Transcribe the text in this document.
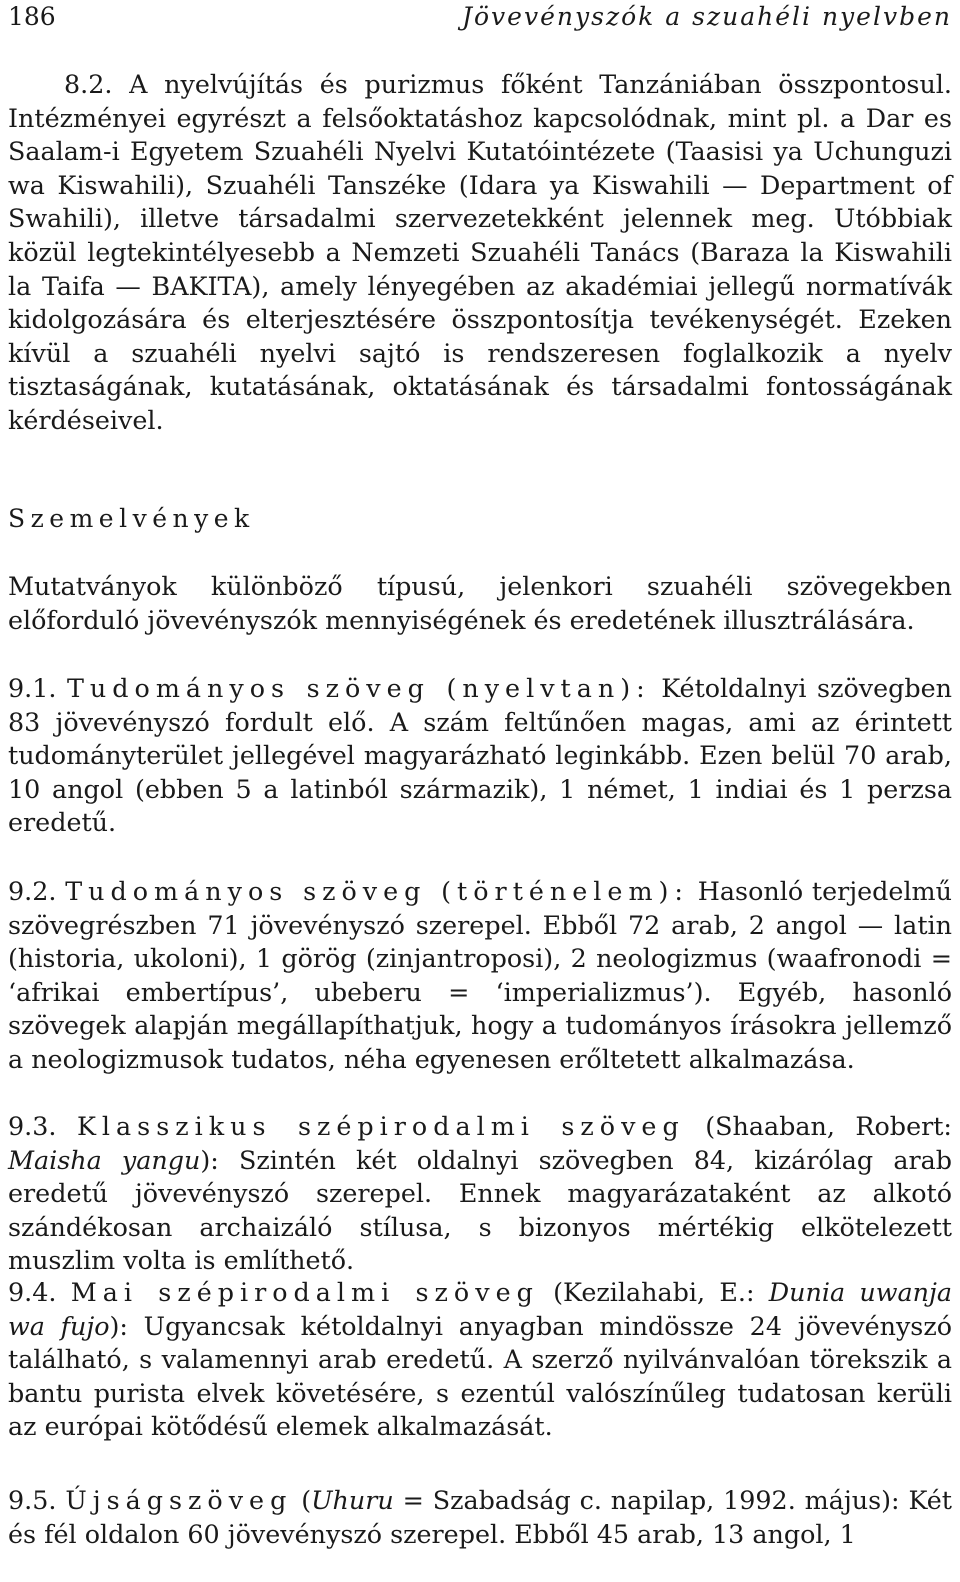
186	Jövevényszók a szuahéli nyelvben

8.2. A nyelvújítás és purizmus főként Tanzániában összpontosul. Intézményei egyrészt a felsőoktatáshoz kapcsolódnak, mint pl. a Dar es Saalam-i Egyetem Szuahéli Nyelvi Kutatóintézete (Taasisi ya Uchunguzi wa Kiswahili), Szuahéli Tanszéke (Idara ya Kiswahili — Department of Swahili), illetve társadalmi szervezetekként jelennek meg. Utóbbiak közül legtekintélyesebb a Nemzeti Szuahéli Tanács (Baraza la Kiswahili la Taifa — BAKITA), amely lényegében az akadémiai jellegű normatívák kidolgozására és elterjesztésére összpontosítja tevékenységét. Ezeken kívül a szuahéli nyelvi sajtó is rendszeresen foglalkozik a nyelv tisztaságának, kutatásának, oktatásának és társadalmi fontosságának kérdéseivel.

Szemelvények

Mutatványok különböző típusú, jelenkori szuahéli szövegekben előforduló jövevényszók mennyiségének és eredetének illusztrálására.

9.1. Tudományos szöveg (nyelvtan): Kétoldalnyi szövegben 83 jövevényszó fordult elő. A szám feltűnően magas, ami az érintett tudományterület jellegével magyarázható leginkább. Ezen belül 70 arab, 10 angol (ebben 5 a latinból származik), 1 német, 1 indiai és 1 perzsa eredetű.

9.2. Tudományos szöveg (történelem): Hasonló terjedelmű szövegrészben 71 jövevényszó szerepel. Ebből 72 arab, 2 angol — latin (historia, ukoloni), 1 görög (zinjantroposi), 2 neologizmus (waafronodi = ‘afrikai embertípus’, ubeberu = ‘imperializmus’). Egyéb, hasonló szövegek alapján megállapíthatjuk, hogy a tudományos írásokra jellemző a neologizmusok tudatos, néha egyenesen erőltetett alkalmazása.

9.3. Klasszikus szépirodalmi szöveg (Shaaban, Robert: Maisha yangu): Szintén két oldalnyi szövegben 84, kizárólag arab eredetű jövevényszó szerepel. Ennek magyarázataként az alkotó szándékosan archaizáló stílusa, s bizonyos mértékig elkötelezett muszlim volta is említhető.

9.4. Mai szépirodalmi szöveg (Kezilahabi, E.: Dunia uwanja wa fujo): Ugyancsak kétoldalnyi anyagban mindössze 24 jövevényszó található, s valamennyi arab eredetű. A szerző nyilvánvalóan törekszik a bantu purista elvek követésére, s ezentúl valószínűleg tudatosan kerüli az európai kötődésű elemek alkalmazását.

9.5. Újságszöveg (Uhuru = Szabadság c. napilap, 1992. május): Két és fél oldalon 60 jövevényszó szerepel. Ebből 45 arab, 13 angol, 1
